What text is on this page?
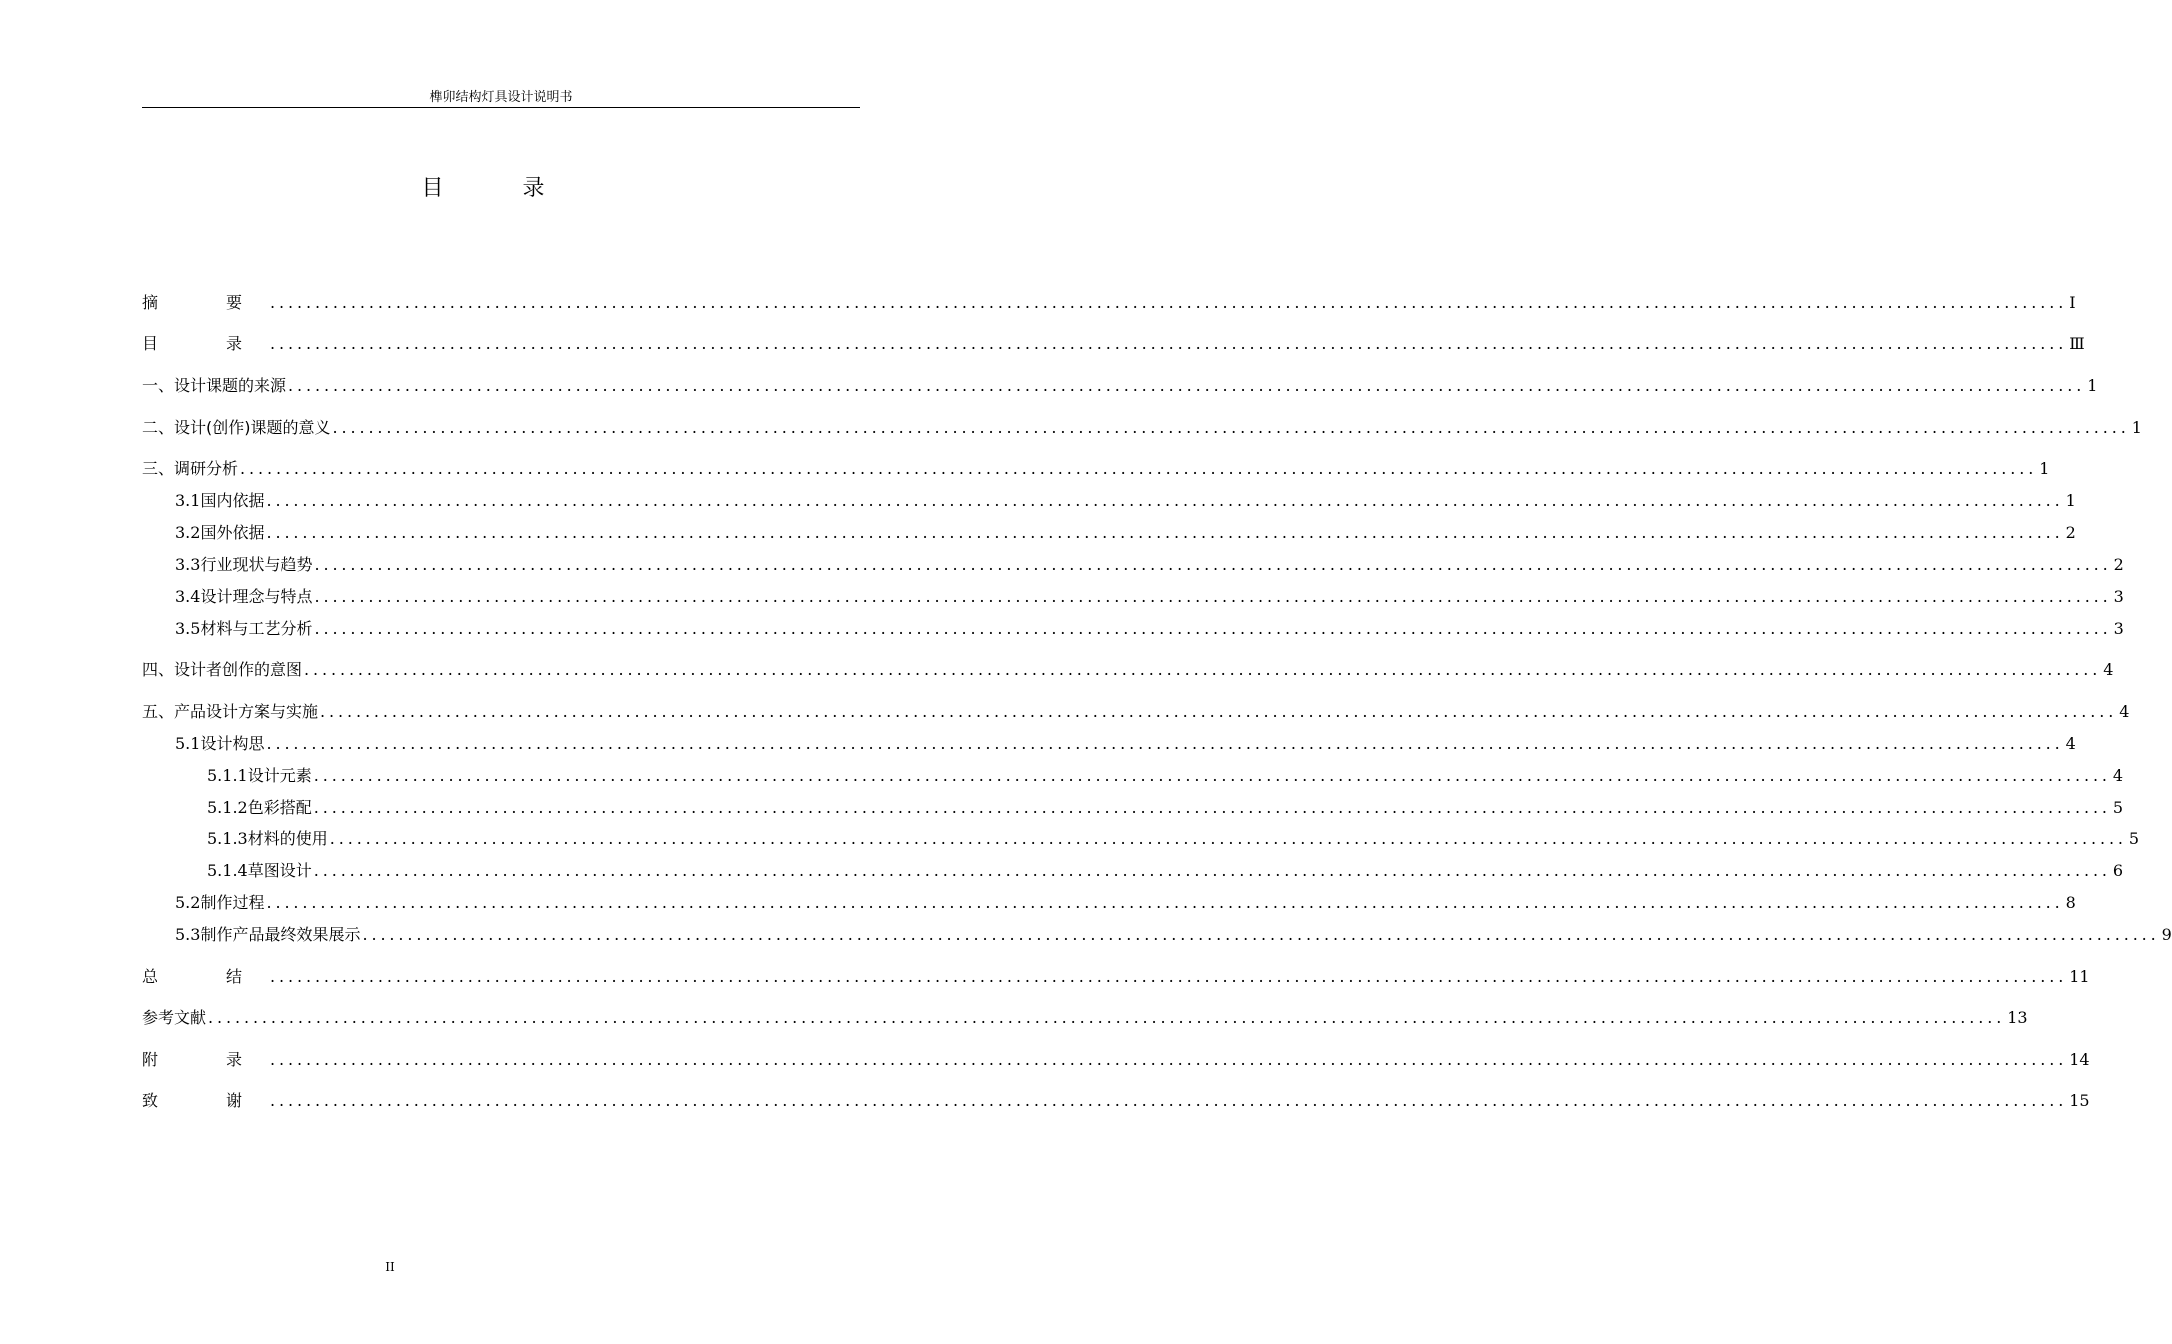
榫卯结构灯具设计说明书
目 录
摘　要 ........................................................................................................................................................................................................ I
目　录 ........................................................................................................................................................................................................ Ⅲ
一、设计课题的来源 ........................................................................................................................................................................................................ 1
二、设计(创作)课题的意义 ........................................................................................................................................................................................................ 1
三、调研分析 ........................................................................................................................................................................................................ 1
3.1 国内依据 ........................................................................................................................................................................................................ 1
3.2 国外依据 ........................................................................................................................................................................................................ 2
3.3 行业现状与趋势 ........................................................................................................................................................................................................ 2
3.4 设计理念与特点 ........................................................................................................................................................................................................ 3
3.5 材料与工艺分析 ........................................................................................................................................................................................................ 3
四、设计者创作的意图 ........................................................................................................................................................................................................ 4
五、产品设计方案与实施 ........................................................................................................................................................................................................ 4
5.1 设计构思 ........................................................................................................................................................................................................ 4
5.1.1 设计元素 ........................................................................................................................................................................................................ 4
5.1.2 色彩搭配 ........................................................................................................................................................................................................ 5
5.1.3 材料的使用 ........................................................................................................................................................................................................ 5
5.1.4 草图设计 ........................................................................................................................................................................................................ 6
5.2 制作过程 ........................................................................................................................................................................................................ 8
5.3 制作产品最终效果展示 ........................................................................................................................................................................................................ 9
总　结 ........................................................................................................................................................................................................ 11
参考文献 ........................................................................................................................................................................................................ 13
附　录 ........................................................................................................................................................................................................ 14
致　谢 ........................................................................................................................................................................................................ 15
II
